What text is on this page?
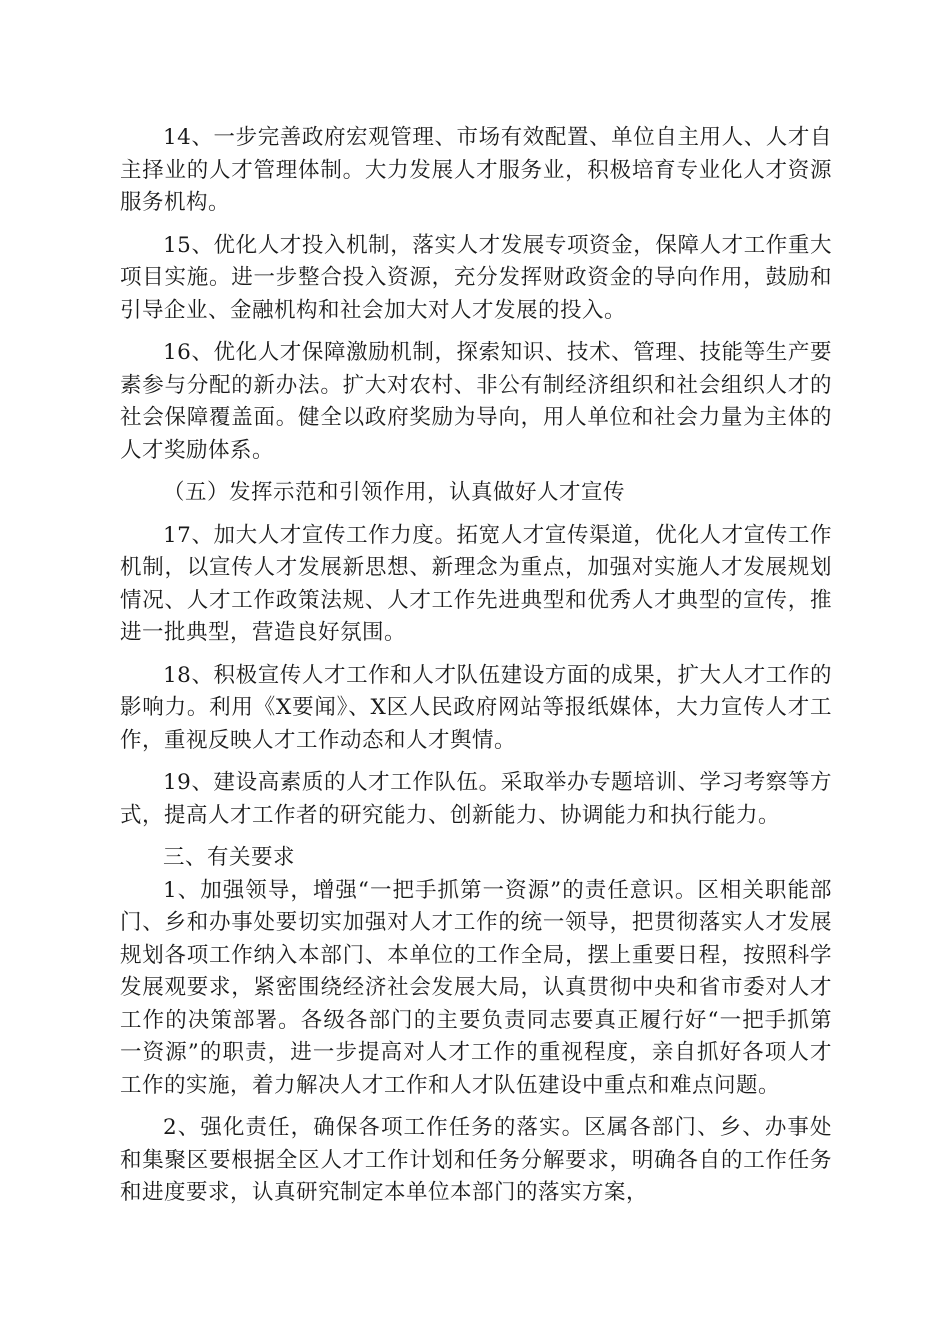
14、一步完善政府宏观管理、市场有效配置、单位自主用人、人才自主择业的人才管理体制。大力发展人才服务业，积极培育专业化人才资源服务机构。

15、优化人才投入机制，落实人才发展专项资金，保障人才工作重大项目实施。进一步整合投入资源，充分发挥财政资金的导向作用，鼓励和引导企业、金融机构和社会加大对人才发展的投入。

16、优化人才保障激励机制，探索知识、技术、管理、技能等生产要素参与分配的新办法。扩大对农村、非公有制经济组织和社会组织人才的社会保障覆盖面。健全以政府奖励为导向，用人单位和社会力量为主体的人才奖励体系。

（五）发挥示范和引领作用，认真做好人才宣传

17、加大人才宣传工作力度。拓宽人才宣传渠道，优化人才宣传工作机制，以宣传人才发展新思想、新理念为重点，加强对实施人才发展规划情况、人才工作政策法规、人才工作先进典型和优秀人才典型的宣传，推进一批典型，营造良好氛围。

18、积极宣传人才工作和人才队伍建设方面的成果，扩大人才工作的影响力。利用《X要闻》、X区人民政府网站等报纸媒体，大力宣传人才工作，重视反映人才工作动态和人才舆情。

19、建设高素质的人才工作队伍。采取举办专题培训、学习考察等方式，提高人才工作者的研究能力、创新能力、协调能力和执行能力。

三、有关要求

1、加强领导，增强“一把手抓第一资源”的责任意识。区相关职能部门、乡和办事处要切实加强对人才工作的统一领导，把贯彻落实人才发展规划各项工作纳入本部门、本单位的工作全局，摆上重要日程，按照科学发展观要求，紧密围绕经济社会发展大局，认真贯彻中央和省市委对人才工作的决策部署。各级各部门的主要负责同志要真正履行好“一把手抓第一资源”的职责，进一步提高对人才工作的重视程度，亲自抓好各项人才工作的实施，着力解决人才工作和人才队伍建设中重点和难点问题。

2、强化责任，确保各项工作任务的落实。区属各部门、乡、办事处和集聚区要根据全区人才工作计划和任务分解要求，明确各自的工作任务和进度要求，认真研究制定本单位本部门的落实方案，
